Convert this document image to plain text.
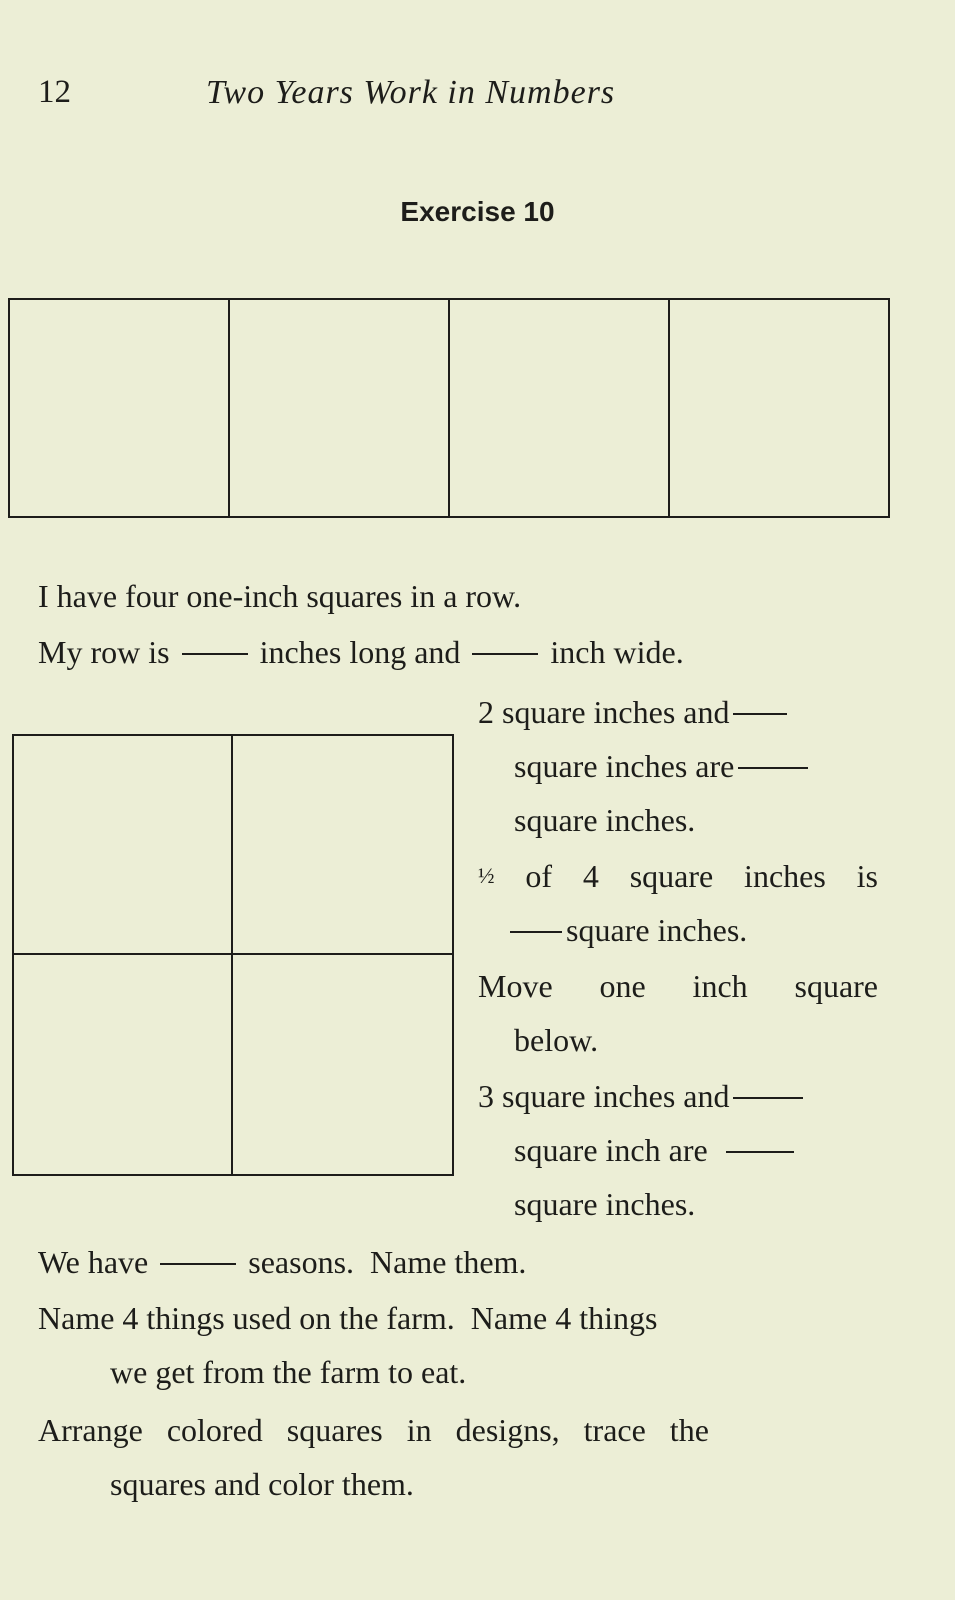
12	Two Years Work in Numbers
Exercise 10
I have four one-inch squares in a row.
My row is	inches long and	inch wide.
2 square inches and
square inches are
square inches.
½ of 4 square inches is
square inches.
Move one inch square
below.
3 square inches and
square inch are
square inches.
We have	seasons.  Name them.
Name 4 things used on the farm.  Name 4 things
we get from the farm to eat.
Arrange colored squares in designs, trace the
squares and color them.
